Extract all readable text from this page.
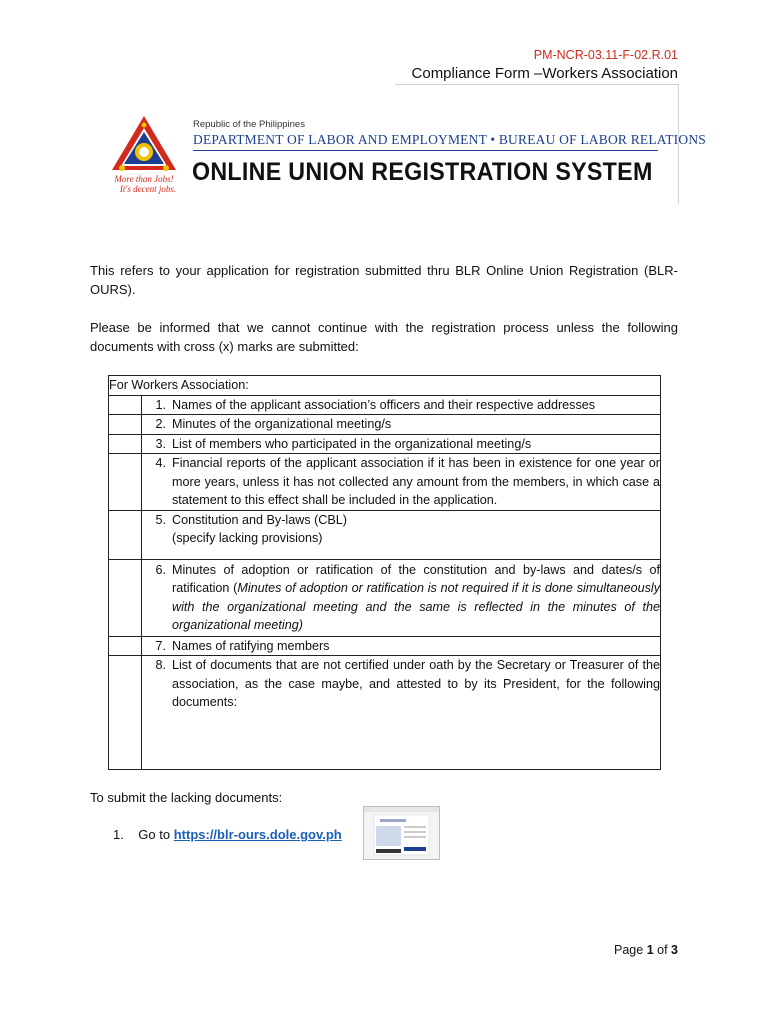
PM-NCR-03.11-F-02.R.01
Compliance Form –Workers Association
More than Jobs!
It's decent jobs.
Republic of the Philippines
DEPARTMENT OF LABOR AND EMPLOYMENT • BUREAU OF LABOR RELATIONS
ONLINE UNION REGISTRATION SYSTEM
This refers to your application for registration submitted thru BLR Online Union Registration (BLR-OURS).
Please be informed that we cannot continue with the registration process unless the following documents with cross (x) marks are submitted:
For Workers Association:	

	1. Names of the applicant association’s officers and their respective addresses

	2. Minutes of the organizational meeting/s

	3. List of members who participated in the organizational meeting/s

	4. Financial reports of the applicant association if it has been in existence for one year or more years, unless it has not collected any amount from the members, in which case a statement to this effect shall be included in the application.

	5. Constitution and By-laws (CBL)
(specify lacking provisions)

	6. Minutes of adoption or ratification of the constitution and by-laws and dates/s of ratification (Minutes of adoption or ratification is not required if it is done simultaneously with the organizational meeting and the same is reflected in the minutes of the organizational meeting)

	7. Names of ratifying members

	8. List of documents that are not certified under oath by the Secretary or Treasurer of the association, as the case maybe, and attested to by its President, for the following documents:
To submit the lacking documents:
1. Go to https://blr-ours.dole.gov.ph
Page 1 of 3
